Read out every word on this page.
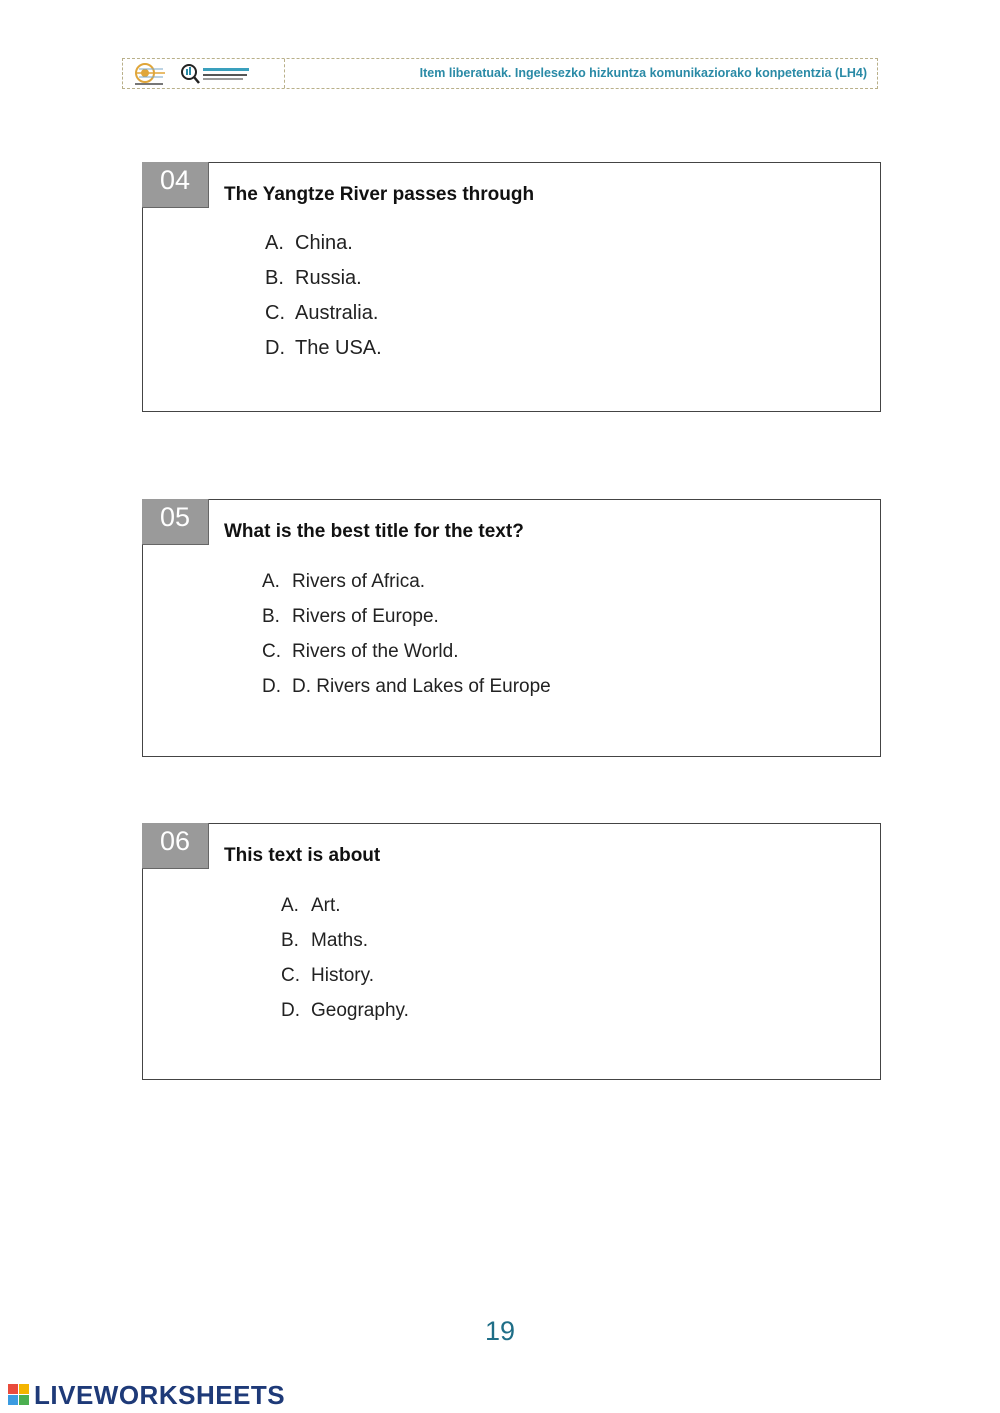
Item liberatuak. Ingelesezko hizkuntza komunikaziorako konpetentzia (LH4)
04	The Yangtze River passes through
A. China.
B. Russia.
C. Australia.
D. The USA.
05	What is the best title for the text?
A. Rivers of Africa.
B. Rivers of Europe.
C. Rivers of the World.
D. D. Rivers and Lakes of Europe
06	This text is about
A. Art.
B. Maths.
C. History.
D. Geography.
19
LIVEWORKSHEETS
